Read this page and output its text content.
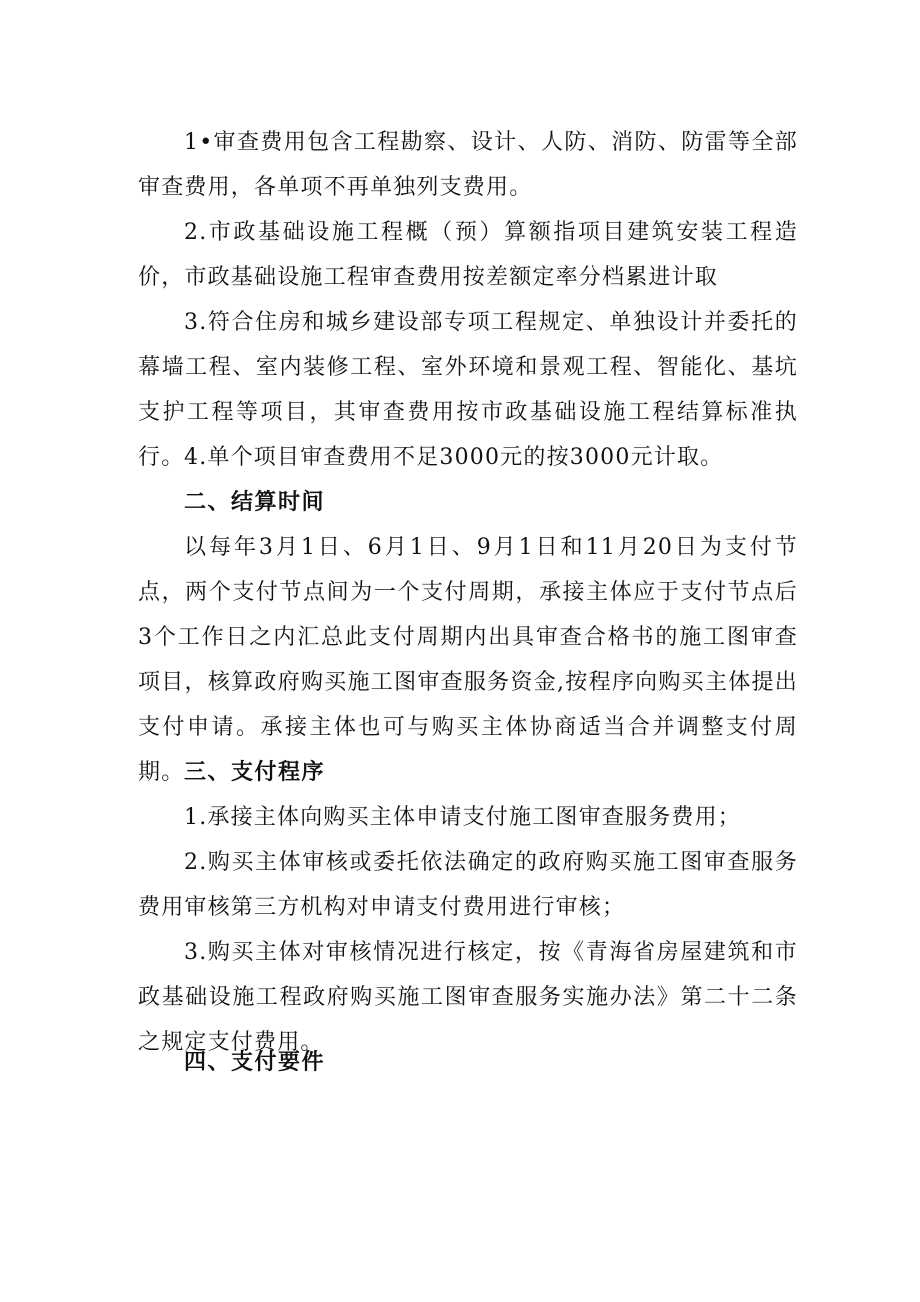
1•审查费用包含工程勘察、设计、人防、消防、防雷等全部审查费用，各单项不再单独列支费用。

2.市政基础设施工程概（预）算额指项目建筑安装工程造价，市政基础设施工程审查费用按差额定率分档累进计取

3.符合住房和城乡建设部专项工程规定、单独设计并委托的幕墙工程、室内装修工程、室外环境和景观工程、智能化、基坑支护工程等项目，其审查费用按市政基础设施工程结算标准执行。 4.单个项目审查费用不足3000元的按3000元计取。

二、结算时间

以每年3月1日、6月1日、9月1日和11月20日为支付节点，两个支付节点间为一个支付周期，承接主体应于支付节点后3个工作日之内汇总此支付周期内出具审查合格书的施工图审查项目，核算政府购买施工图审查服务资金,按程序向购买主体提出支付申请。承接主体也可与购买主体协商适当合并调整支付周期。 三、支付程序

1.承接主体向购买主体申请支付施工图审查服务费用；

2.购买主体审核或委托依法确定的政府购买施工图审查服务费用审核第三方机构对申请支付费用进行审核；

3.购买主体对审核情况进行核定，按《青海省房屋建筑和市政基础设施工程政府购买施工图审查服务实施办法》第二十二条之规定支付费用。

四、支付要件
